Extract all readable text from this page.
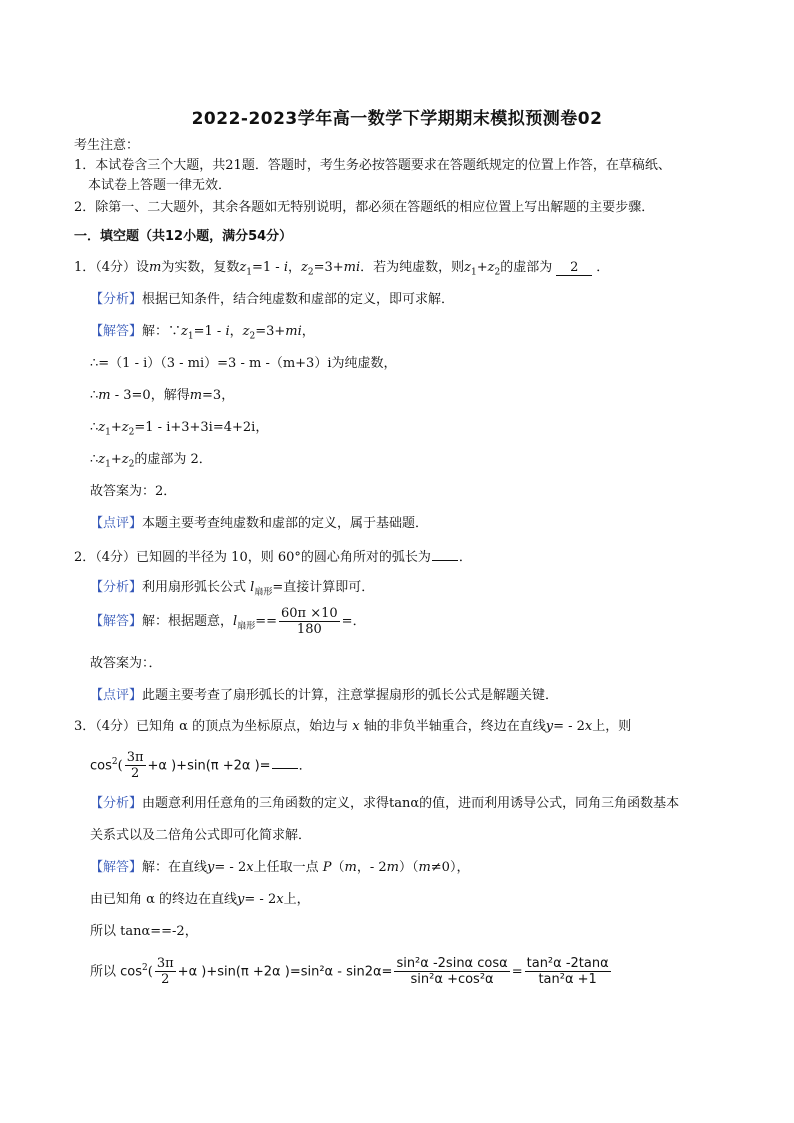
2022-2023学年高一数学下学期期末模拟预测卷02
考生注意：
1．本试卷含三个大题，共21题．答题时，考生务必按答题要求在答题纸规定的位置上作答，在草稿纸、
本试卷上答题一律无效．
2．除第一、二大题外，其余各题如无特别说明，都必须在答题纸的相应位置上写出解题的主要步骤．
一．填空题（共12小题，满分54分）
1．（4分）设m为实数，复数$z_1=1 - i$，$z_2=3+mi$．若为纯虚数，则$z_1+z_2$的虚部为 2 ．
【分析】根据已知条件，结合纯虚数和虚部的定义，即可求解．
【解答】解：$\because z_1=1 - i$，$z_2=3+mi$，
∴=（1 - i）（3 - mi）=3 - m -（m+3）i为纯虚数，
∴m - 3=0，解得m=3，
$\therefore z_1+z_2=1 - i+3+3i=4+2i$，
$\therefore z_1+z_2$的虚部为 2．
故答案为：2．
【点评】本题主要考查纯虚数和虚部的定义，属于基础题．
2．（4分）已知圆的半径为 10，则 60°的圆心角所对的弧长为 ．
【分析】利用扇形弧长公式 $l_{扇形}=$直接计算即可．
【解答】解：根据题意，$l_{扇形}== \frac{60\pi \times 10}{180}$ =．
故答案为：．
【点评】此题主要考查了扇形弧长的计算，注意掌握扇形的弧长公式是解题关键．
3．（4分）已知角 α 的顶点为坐标原点，始边与 x 轴的非负半轴重合，终边在直线y= - 2x上，则
$\cos^2( \frac{3\pi}{2} +\alpha$ )+sin(π +2α )= ．
【分析】由题意利用任意角的三角函数的定义，求得tanα的值，进而利用诱导公式，同角三角函数基本
关系式以及二倍角公式即可化简求解．
【解答】解：在直线y= - 2x上任取一点 P（m，- 2m）（m≠0），
由已知角 α 的终边在直线y= - 2x上，
所以 tanα==-2，
所以 $\cos^2( \frac{3\pi}{2} +\alpha$ )+sin(π +2α )$=\sin^2\alpha - \sin 2\alpha= \frac{\text{sin²α -2sinα cosα}}{\text{sin²α +cos²α}} = \frac{\text{tan²α -2tanα}}{\text{tan²α +1}}$
